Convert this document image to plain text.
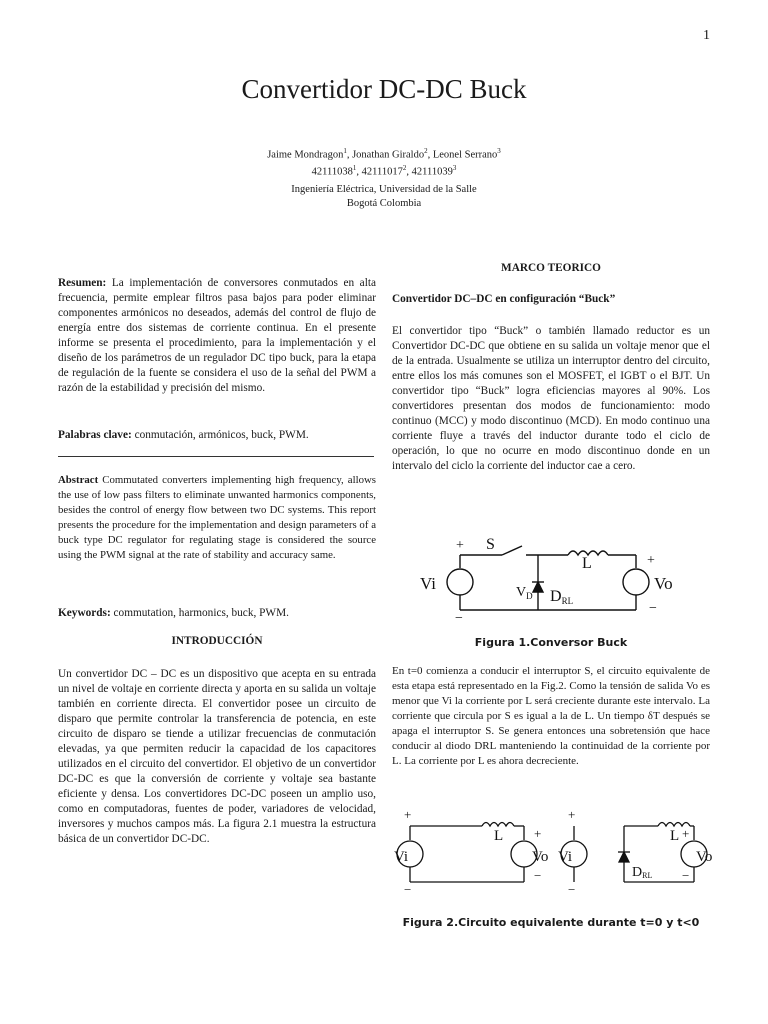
1
Convertidor DC-DC Buck
Jaime Mondragon$^1$, Jonathan Giraldo$^2$, Leonel Serrano$^3$
42111038$^1$, 42111017$^2$, 42111039$^3$
Ingeniería Eléctrica, Universidad de la Salle
Bogotá Colombia
Resumen: La implementación de conversores conmutados en alta frecuencia, permite emplear filtros pasa bajos para poder eliminar componentes armónicos no deseados, además del control de flujo de energía entre dos sistemas de corriente continua. En el presente informe se presenta el procedimiento, para la implementación y el diseño de los parámetros de un regulador DC tipo buck, para la etapa de regulación de la fuente se considera el uso de la señal del PWM a razón de la estabilidad y precisión del mismo.
Palabras clave: conmutación, armónicos, buck, PWM.
Abstract Commutated converters implementing high frequency, allows the use of low pass filters to eliminate unwanted harmonics components, besides the control of energy flow between two DC systems. This report presents the procedure for the implementation and design parameters of a buck type DC regulator for regulating stage is considered the source using the PWM signal at the rate of stability and accuracy same.
Keywords: commutation, harmonics, buck, PWM.
INTRODUCCIÓN
Un convertidor DC – DC es un dispositivo que acepta en su entrada un nivel de voltaje en corriente directa y aporta en su salida un voltaje también en corriente directa. El convertidor posee un circuito de disparo que permite controlar la transferencia de potencia, en este circuito de disparo se tiende a utilizar frecuencias de conmutación elevadas, ya que permiten reducir la capacidad de los capacitores utilizados en el circuito del convertidor. El objetivo de un convertidor DC-DC es que la conversión de corriente y voltaje sea bastante eficiente y densa. Los convertidores DC-DC poseen un amplio uso, como en computadoras, fuentes de poder, variadores de velocidad, inversores y muchos campos más. La figura 2.1 muestra la estructura básica de un convertidor DC-DC.
MARCO TEORICO
Convertidor DC–DC en configuración “Buck”
El convertidor tipo “Buck” o también llamado reductor es un Convertidor DC-DC que obtiene en su salida un voltaje menor que el de la entrada. Usualmente se utiliza un interruptor dentro del circuito, entre ellos los más comunes son el MOSFET, el IGBT o el BJT. Un convertidor tipo “Buck” logra eficiencias mayores al 90%. Los convertidores presentan dos modos de funcionamiento: modo continuo (MCC) y modo discontinuo (MCD). En modo continuo una corriente fluye a través del inductor durante todo el ciclo de operación, lo que no ocurre en modo discontinuo donde en un intervalo del ciclo la corriente del inductor cae a cero.
+
−
+
−
Vi	Vo
S
L
$V_D$ DRL
Figura 1.Conversor Buck
En t=0 comienza a conducir el interruptor S, el circuito equivalente de esta etapa está representado en la Fig.2. Como la tensión de salida Vo es menor que Vi la corriente por L será creciente durante este intervalo. La corriente que circula por S es igual a la de L. Un tiempo δT después se apaga el interruptor S. Se genera entonces una sobretensión que hace conducir al diodo DRL manteniendo la continuidad de la corriente por L. La corriente por L es ahora decreciente.
+
−
Vi
L +
−
Vo
+
−
Vi
L
DRL
+
−
Vo
Figura 2.Circuito equivalente durante t=0 y t<0
